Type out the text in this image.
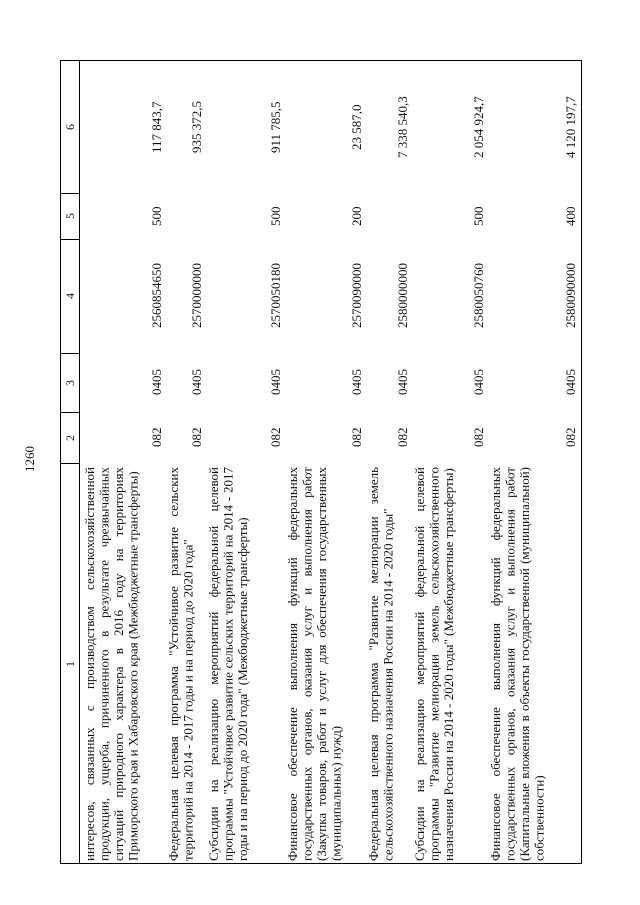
1260
1
2
3
4
5
6
интересов, связанных с производством сельскохозяйственной продукции, ущерба, причиненного в результате чрезвычайных ситуаций природного характера в 2016 году на территориях Приморского края и Хабаровского края (Межбюджетные трансферты)
082
0405
2560854650
500
117 843,7
Федеральная целевая программа "Устойчивое развитие сельских территорий на 2014 - 2017 годы и на период до 2020 года"
082
0405
2570000000
935 372,5
Субсидии на реализацию мероприятий федеральной целевой программы "Устойчивое развитие сельских территорий на 2014 - 2017 годы и на период до 2020 года" (Межбюджетные трансферты)
082
0405
2570050180
500
911 785,5
Финансовое обеспечение выполнения функций федеральных государственных органов, оказания услуг и выполнения работ (Закупка товаров, работ и услуг для обеспечения государственных (муниципальных) нужд)
082
0405
2570090000
200
23 587,0
Федеральная целевая программа "Развитие мелиорации земель сельскохозяйственного назначения России на 2014 - 2020 годы"
082
0405
2580000000
7 338 540,3
Субсидии на реализацию мероприятий федеральной целевой программы "Развитие мелиорации земель сельскохозяйственного назначения России на 2014 - 2020 годы" (Межбюджетные трансферты)
082
0405
2580050760
500
2 054 924,7
Финансовое обеспечение выполнения функций федеральных государственных органов, оказания услуг и выполнения работ (Капитальные вложения в объекты государственной (муниципальной) собственности)
082
0405
2580090000
400
4 120 197,7
